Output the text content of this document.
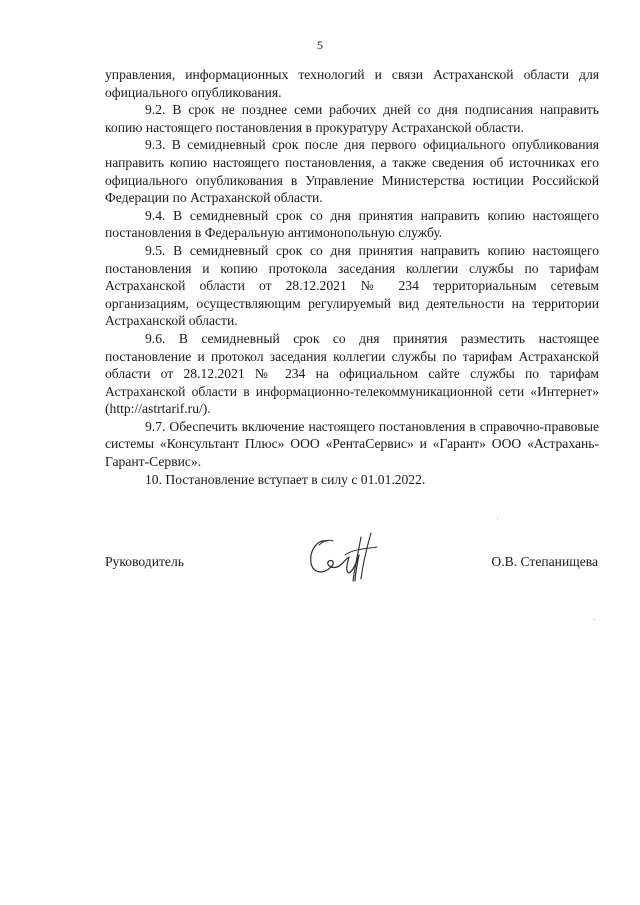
5

управления, информационных технологий и связи Астраханской области для официального опубликования.

9.2. В срок не позднее семи рабочих дней со дня подписания направить копию настоящего постановления в прокуратуру Астраханской области.

9.3. В семидневный срок после дня первого официального опубликования направить копию настоящего постановления, а также сведения об источниках его официального опубликования в Управление Министерства юстиции Российской Федерации по Астраханской области.

9.4. В семидневный срок со дня принятия направить копию настоящего постановления в Федеральную антимонопольную службу.

9.5. В семидневный срок со дня принятия направить копию настоящего постановления и копию протокола заседания коллегии службы по тарифам Астраханской области от 28.12.2021 № 234 территориальным сетевым организациям, осуществляющим регулируемый вид деятельности на территории Астраханской области.

9.6. В семидневный срок со дня принятия разместить настоящее постановление и протокол заседания коллегии службы по тарифам Астраханской области от 28.12.2021 № 234 на официальном сайте службы по тарифам Астраханской области в информационно-телекоммуникационной сети «Интернет» (http://astrtarif.ru/).

9.7. Обеспечить включение настоящего постановления в справочно-правовые системы «Консультант Плюс» ООО «РентаСервис» и «Гарант» ООО «Астрахань-Гарант-Сервис».

10. Постановление вступает в силу с 01.01.2022.

Руководитель	О.В. Степанищева
